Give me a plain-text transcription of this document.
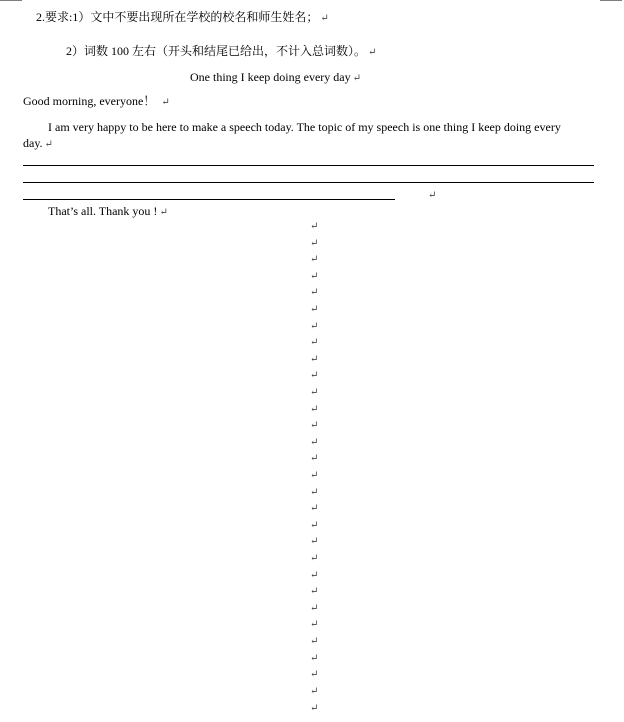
2.要求:1）文中不要出现所在学校的校名和师生姓名； ↵
2）词数 100 左右（开头和结尾已给出，不计入总词数）。 ↵
One thing I keep doing every day ↵
Good morning, everyone！ ↵
I am very happy to be here to make a speech today. The topic of my speech is one thing I keep doing every
day. ↵
↵
That’s all. Thank you ! ↵
↵
↵
↵
↵
↵
↵
↵
↵
↵
↵
↵
↵
↵
↵
↵
↵
↵
↵
↵
↵
↵
↵
↵
↵
↵
↵
↵
↵
↵
↵
